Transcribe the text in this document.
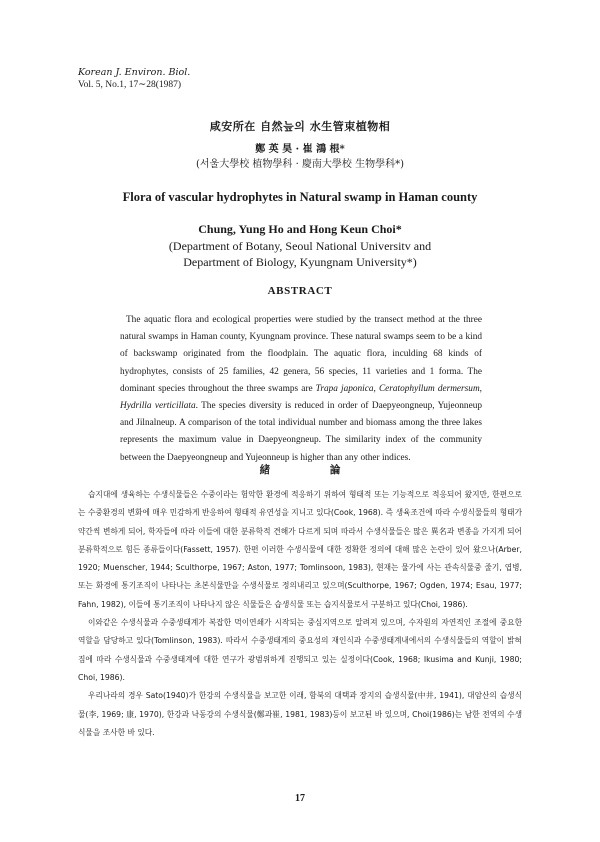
Korean J. Environ. Biol.
Vol. 5, No.1, 17∼28(1987)
咸安所在 自然늪의 水生管束植物相
鄭 英 昊 · 崔 鴻 根*
(서울大學校 植物學科 · 慶南大學校 生物學科*)
Flora of vascular hydrophytes in Natural swamp in Haman county
Chung, Yung Ho and Hong Keun Choi*
(Department of Botany, Seoul National Universitv and
Department of Biology, Kyungnam University*)
ABSTRACT
The aquatic flora and ecological properties were studied by the transect method at the three natural swamps in Haman county, Kyungnam province. These natural swamps seem to be a kind of backswamp originated from the floodplain. The aquatic flora, inculding 68 kinds of hydrophytes, consists of 25 families, 42 genera, 56 species, 11 varieties and 1 forma. The dominant species throughout the three swamps are Trapa japonica, Ceratophyllum dermersum, Hydrilla verticillata. The species diversity is reduced in order of Daepyeongneup, Yujeonneup and Jilnalneup. A comparison of the total individual number and biomass among the three lakes represents the maximum value in Daepyeongneup. The similarity index of the community between the Daepyeongneup and Yujeonneup is higher than any other indices.
緒 論

습지대에 생육하는 수생식물들은 수중이라는 험악한 환경에 적응하기 위하여 형태적 또는 기능적으로 적응되어 왔지만, 한편으로는 수중환경의 변화에 매우 민감하게 반응하여 형태적 유연성을 지니고 있다(Cook, 1968). 즉 생육조건에 따라 수생식물들의 형태가 약간씩 변하게 되어, 학자들에 따라 이들에 대한 분류학적 견해가 다르게 되며 따라서 수생식물들은 많은 異名과 변종을 가지게 되어 분류학적으로 힘든 종류들이다(Fassett, 1957). 한편 이러한 수생식물에 대한 정확한 정의에 대해 많은 논란이 있어 왔으나(Arber, 1920; Muenscher, 1944; Sculthorpe, 1967; Aston, 1977; Tomlinsoon, 1983), 현재는 물가에 사는 관속식물중 줄기, 엽병, 또는 화경에 통기조직이 나타나는 초본식물만을 수생식물로 정의내리고 있으며(Sculthorpe, 1967; Ogden, 1974; Esau, 1977; Fahn, 1982), 이들에 통기조직이 나타나지 않은 식물들은 습생식물 또는 습지식물로서 구분하고 있다(Choi, 1986).

이와같은 수생식물과 수중생태계가 복잡한 먹이연쇄가 시작되는 중심지역으로 알려져 있으며, 수자원의 자연적인 조절에 중요한 역할을 담당하고 있다(Tomlinson, 1983). 따라서 수중생태계의 중요성의 재인식과 수중생태계내에서의 수생식물들의 역할이 밝혀짐에 따라 수생식물과 수중생태계에 대한 연구가 광범위하게 진행되고 있는 실정이다(Cook, 1968; Ikusima and Kunji, 1980; Choi, 1986).

우리나라의 경우 Sato(1940)가 한강의 수생식물을 보고한 이래, 함북의 대택과 장지의 습생식물(中井, 1941), 대암산의 습생식물(李, 1969; 康, 1970), 한강과 낙동강의 수생식물(鄭과崔, 1981, 1983)등이 보고된 바 있으며, Choi(1986)는 남한 전역의 수생식물을 조사한 바 있다.

17
